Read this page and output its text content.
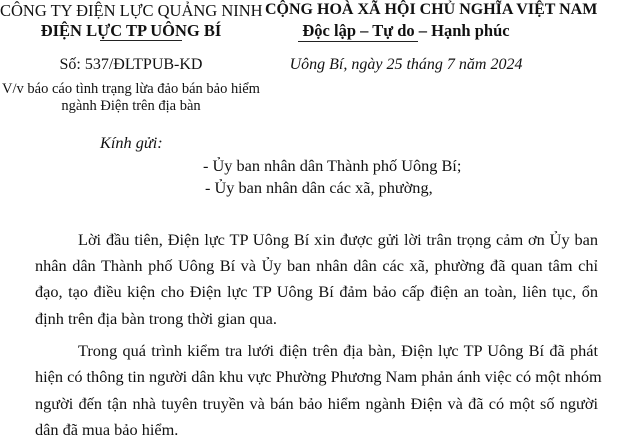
CÔNG TY ĐIỆN LỰC QUẢNG NINH
ĐIỆN LỰC TP UÔNG BÍ
Số: 537/ĐLTPUB-KD
V/v báo cáo tình trạng lừa đảo bán bảo hiểm
ngành Điện trên địa bàn
CỘNG HOÀ XÃ HỘI CHỦ NGHĨA VIỆT NAM
Độc lập – Tự do – Hạnh phúc
Uông Bí, ngày 25 tháng 7 năm 2024
Kính gửi:
- Ủy ban nhân dân Thành phố Uông Bí;
- Ủy ban nhân dân các xã, phường,
Lời đầu tiên, Điện lực TP Uông Bí xin được gửi lời trân trọng cảm ơn Ủy ban
nhân dân Thành phố Uông Bí và Ủy ban nhân dân các xã, phường đã quan tâm chỉ
đạo, tạo điều kiện cho Điện lực TP Uông Bí đảm bảo cấp điện an toàn, liên tục, ổn
định trên địa bàn trong thời gian qua.
Trong quá trình kiểm tra lưới điện trên địa bàn, Điện lực TP Uông Bí đã phát
hiện có thông tin người dân khu vực Phường Phương Nam phản ánh việc có một nhóm
người đến tận nhà tuyên truyền và bán bảo hiểm ngành Điện và đã có một số người
dân đã mua bảo hiểm.
